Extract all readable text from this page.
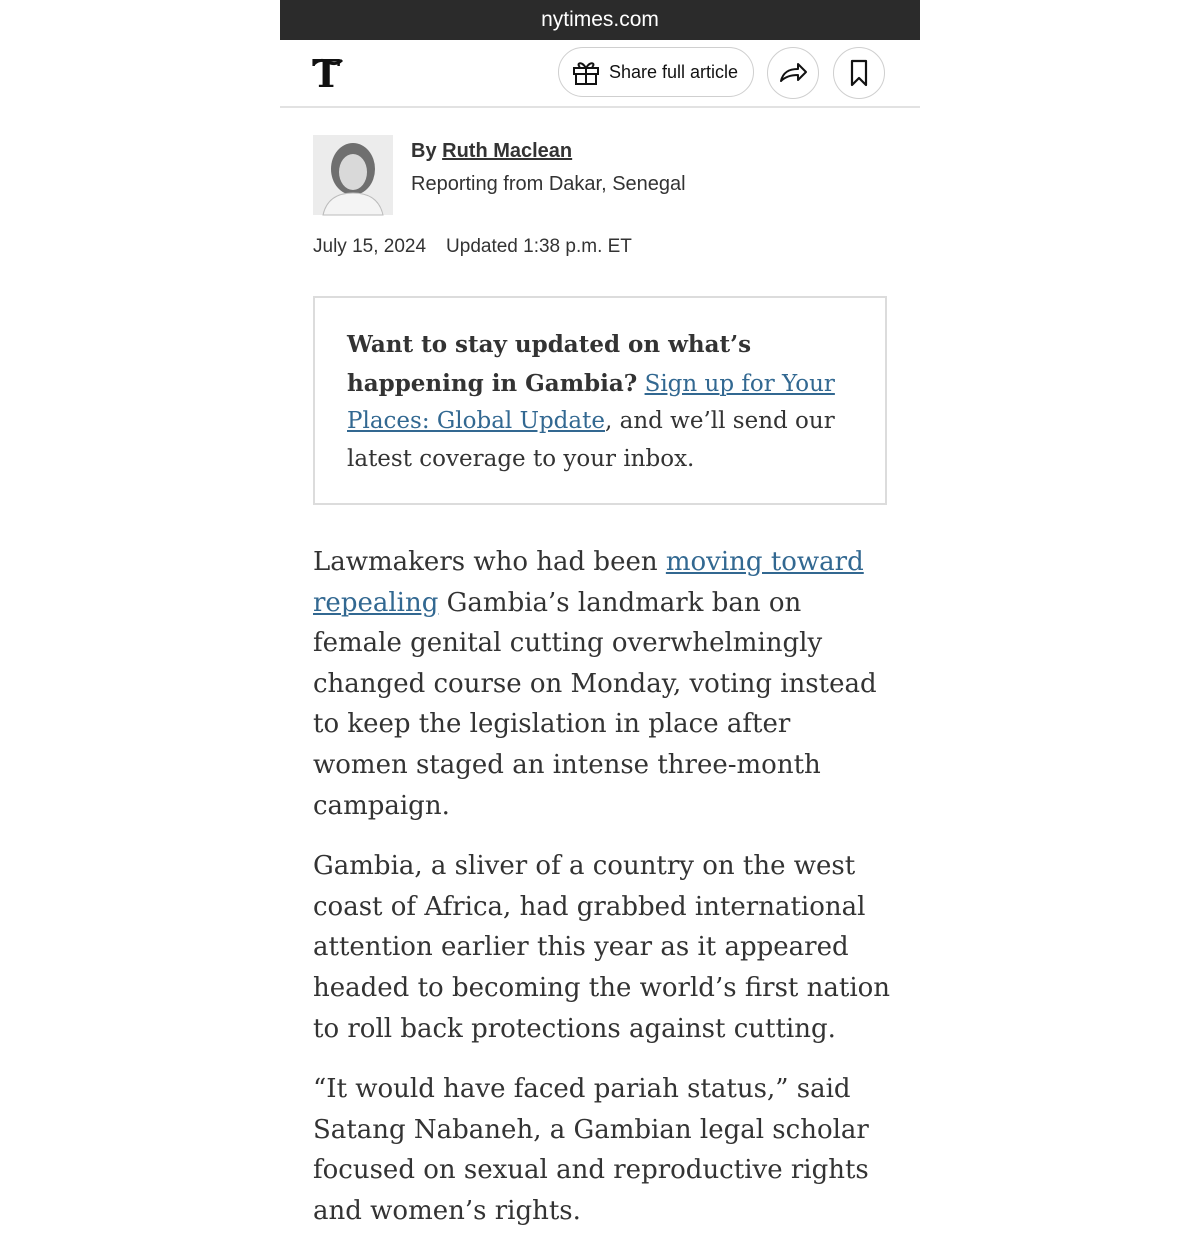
nytimes.com
T	Share full article
By Ruth Maclean
Reporting from Dakar, Senegal
July 15, 2024 Updated 1:38 p.m. ET
Want to stay updated on what’s happening in Gambia? Sign up for Your Places: Global Update, and we’ll send our latest coverage to your inbox.

Lawmakers who had been moving toward repealing Gambia’s landmark ban on female genital cutting overwhelmingly changed course on Monday, voting instead to keep the legislation in place after women staged an intense three-month campaign.

Gambia, a sliver of a country on the west coast of Africa, had grabbed international attention earlier this year as it appeared headed to becoming the world’s first nation to roll back protections against cutting.

“It would have faced pariah status,” said Satang Nabaneh, a Gambian legal scholar focused on sexual and reproductive rights and women’s rights.
